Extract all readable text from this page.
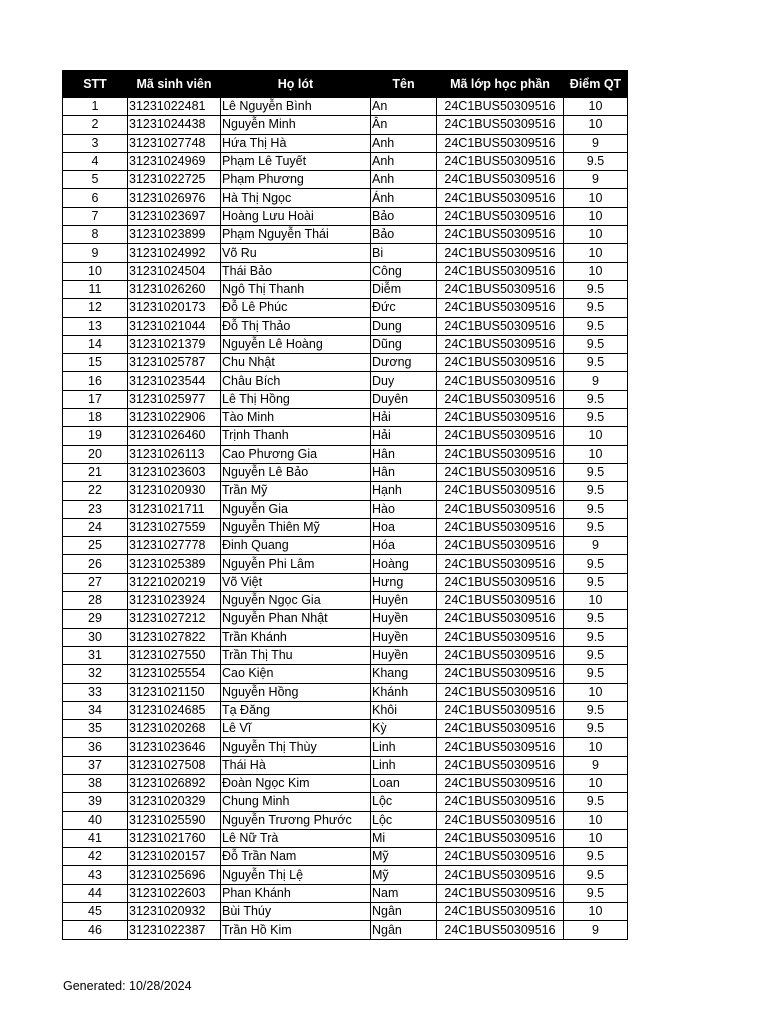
STT	Mã sinh viên	Họ lót	Tên	Mã lớp học phần	Điểm QT
1	31231022481	Lê Nguyễn Bình	An	24C1BUS50309516	10
2	31231024438	Nguyễn Minh	Ân	24C1BUS50309516	10
3	31231027748	Hứa Thị Hà	Anh	24C1BUS50309516	9
4	31231024969	Phạm Lê Tuyết	Anh	24C1BUS50309516	9.5
5	31231022725	Phạm Phương	Anh	24C1BUS50309516	9
6	31231026976	Hà Thị Ngọc	Ánh	24C1BUS50309516	10
7	31231023697	Hoàng Lưu Hoài	Bảo	24C1BUS50309516	10
8	31231023899	Phạm Nguyễn Thái	Bảo	24C1BUS50309516	10
9	31231024992	Võ Ru	Bi	24C1BUS50309516	10
10	31231024504	Thái Bảo	Công	24C1BUS50309516	10
11	31231026260	Ngô Thị Thanh	Diễm	24C1BUS50309516	9.5
12	31231020173	Đỗ Lê Phúc	Đức	24C1BUS50309516	9.5
13	31231021044	Đỗ Thị Thảo	Dung	24C1BUS50309516	9.5
14	31231021379	Nguyễn Lê Hoàng	Dũng	24C1BUS50309516	9.5
15	31231025787	Chu Nhật	Dương	24C1BUS50309516	9.5
16	31231023544	Châu Bích	Duy	24C1BUS50309516	9
17	31231025977	Lê Thị Hồng	Duyên	24C1BUS50309516	9.5
18	31231022906	Tào Minh	Hải	24C1BUS50309516	9.5
19	31231026460	Trịnh Thanh	Hải	24C1BUS50309516	10
20	31231026113	Cao Phương Gia	Hân	24C1BUS50309516	10
21	31231023603	Nguyễn Lê Bảo	Hân	24C1BUS50309516	9.5
22	31231020930	Trần Mỹ	Hạnh	24C1BUS50309516	9.5
23	31231021711	Nguyễn Gia	Hào	24C1BUS50309516	9.5
24	31231027559	Nguyễn Thiên Mỹ	Hoa	24C1BUS50309516	9.5
25	31231027778	Đinh Quang	Hóa	24C1BUS50309516	9
26	31231025389	Nguyễn Phi Lâm	Hoàng	24C1BUS50309516	9.5
27	31221020219	Võ Việt	Hưng	24C1BUS50309516	9.5
28	31231023924	Nguyễn Ngọc Gia	Huyên	24C1BUS50309516	10
29	31231027212	Nguyễn Phan Nhật	Huyền	24C1BUS50309516	9.5
30	31231027822	Trần Khánh	Huyền	24C1BUS50309516	9.5
31	31231027550	Trần Thị Thu	Huyền	24C1BUS50309516	9.5
32	31231025554	Cao Kiện	Khang	24C1BUS50309516	9.5
33	31231021150	Nguyễn Hồng	Khánh	24C1BUS50309516	10
34	31231024685	Tạ Đăng	Khôi	24C1BUS50309516	9.5
35	31231020268	Lê Vĩ	Kỳ	24C1BUS50309516	9.5
36	31231023646	Nguyễn Thị Thùy	Linh	24C1BUS50309516	10
37	31231027508	Thái Hà	Linh	24C1BUS50309516	9
38	31231026892	Đoàn Ngọc Kim	Loan	24C1BUS50309516	10
39	31231020329	Chung Minh	Lộc	24C1BUS50309516	9.5
40	31231025590	Nguyễn Trương Phước	Lộc	24C1BUS50309516	10
41	31231021760	Lê Nữ Trà	Mi	24C1BUS50309516	10
42	31231020157	Đỗ Trần Nam	Mỹ	24C1BUS50309516	9.5
43	31231025696	Nguyễn Thị Lệ	Mỹ	24C1BUS50309516	9.5
44	31231022603	Phan Khánh	Nam	24C1BUS50309516	9.5
45	31231020932	Bùi Thúy	Ngân	24C1BUS50309516	10
46	31231022387	Trần Hồ Kim	Ngân	24C1BUS50309516	9
Generated: 10/28/2024
